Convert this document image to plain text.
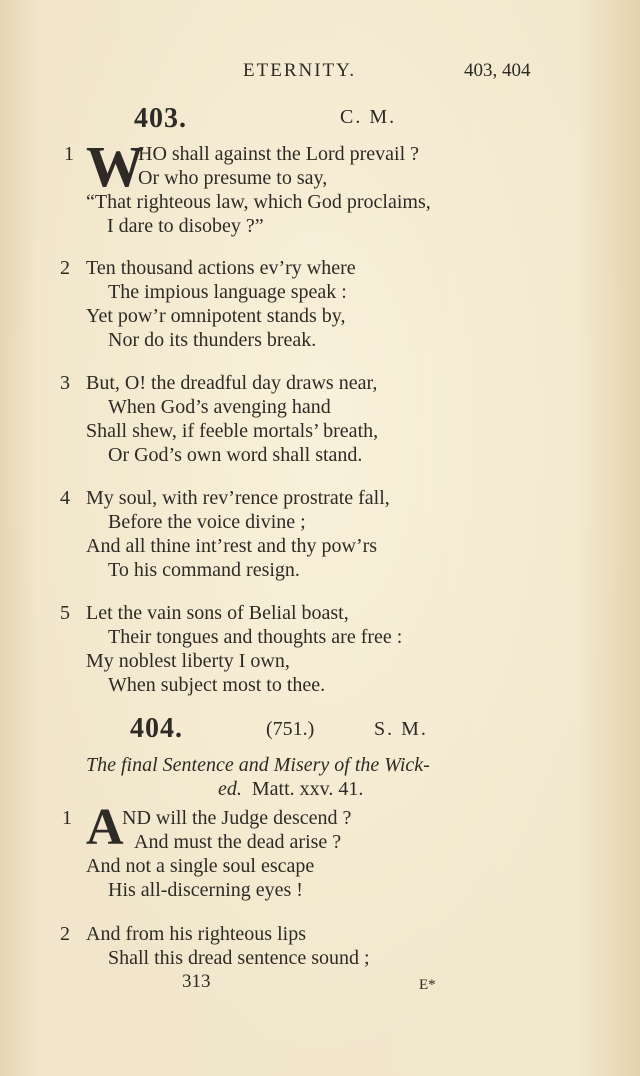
ETERNITY.	403, 404
403.	C. M.
1 W
HO shall against the Lord prevail ?
Or who presume to say,
“That righteous law, which God proclaims,
I dare to disobey ?”
2 Ten thousand actions ev’ry where
The impious language speak :
Yet pow’r omnipotent stands by,
Nor do its thunders break.
3 But, O! the dreadful day draws near,
When God’s avenging hand
Shall shew, if feeble mortals’ breath,
Or God’s own word shall stand.
4 My soul, with rev’rence prostrate fall,
Before the voice divine ;
And all thine int’rest and thy pow’rs
To his command resign.
5 Let the vain sons of Belial boast,
Their tongues and thoughts are free :
My noblest liberty I own,
When subject most to thee.
404.	(751.)	S. M.
The final Sentence and Misery of the Wick-
ed. Matt. xxv. 41.
1 A
ND will the Judge descend ?
And must the dead arise ?
And not a single soul escape
His all-discerning eyes !
2 And from his righteous lips
Shall this dread sentence sound ;
313	E*
